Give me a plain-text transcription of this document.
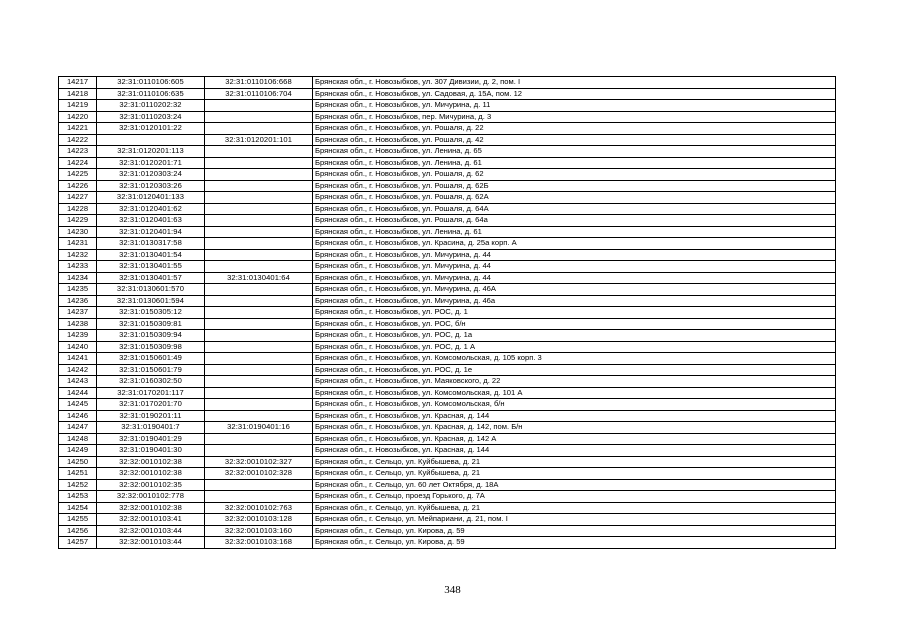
14217	32:31:0110106:605	32:31:0110106:668	Брянская обл., г. Новозыбков, ул. 307 Дивизии, д. 2, пом. I
14218	32:31:0110106:635	32:31:0110106:704	Брянская обл., г. Новозыбков, ул. Садовая, д. 15А, пом. 12
14219	32:31:0110202:32		Брянская обл., г. Новозыбков, ул. Мичурина, д. 11
14220	32:31:0110203:24		Брянская обл., г. Новозыбков, пер. Мичурина, д. 3
14221	32:31:0120101:22		Брянская обл., г. Новозыбков, ул. Рошаля, д. 22
14222		32:31:0120201:101	Брянская обл., г. Новозыбков, ул. Рошаля, д. 42
14223	32:31:0120201:113		Брянская обл., г. Новозыбков, ул. Ленина, д. 65
14224	32:31:0120201:71		Брянская обл., г. Новозыбков, ул. Ленина, д. 61
14225	32:31:0120303:24		Брянская обл., г. Новозыбков, ул. Рошаля, д. 62
14226	32:31:0120303:26		Брянская обл., г. Новозыбков, ул. Рошаля, д. 62Б
14227	32:31:0120401:133		Брянская обл., г. Новозыбков, ул. Рошаля, д. 62А
14228	32:31:0120401:62		Брянская обл., г. Новозыбков, ул. Рошаля, д. 64А
14229	32:31:0120401:63		Брянская обл., г. Новозыбков, ул. Рошаля, д. 64а
14230	32:31:0120401:94		Брянская обл., г. Новозыбков, ул. Ленина, д. 61
14231	32:31:0130317:58		Брянская обл., г. Новозыбков, ул. Красина, д. 25а корп. А
14232	32:31:0130401:54		Брянская обл., г. Новозыбков, ул. Мичурина, д. 44
14233	32:31:0130401:55		Брянская обл., г. Новозыбков, ул. Мичурина, д. 44
14234	32:31:0130401:57	32:31:0130401:64	Брянская обл., г. Новозыбков, ул. Мичурина, д. 44
14235	32:31:0130601:570		Брянская обл., г. Новозыбков, ул. Мичурина, д. 46А
14236	32:31:0130601:594		Брянская обл., г. Новозыбков, ул. Мичурина, д. 46а
14237	32:31:0150305:12		Брянская обл., г. Новозыбков, ул. РОС, д. 1
14238	32:31:0150309:81		Брянская обл., г. Новозыбков, ул. РОС, б/н
14239	32:31:0150309:94		Брянская обл., г. Новозыбков, ул. РОС, д. 1а
14240	32:31:0150309:98		Брянская обл., г. Новозыбков, ул. РОС, д. 1 А
14241	32:31:0150601:49		Брянская обл., г. Новозыбков, ул. Комсомольская, д. 105 корп. 3
14242	32:31:0150601:79		Брянская обл., г. Новозыбков, ул. РОС, д. 1е
14243	32:31:0160302:50		Брянская обл., г. Новозыбков, ул. Маяковского, д. 22
14244	32:31:0170201:117		Брянская обл., г. Новозыбков, ул. Комсомольская, д. 101 А
14245	32:31:0170201:70		Брянская обл., г. Новозыбков, ул. Комсомольская, б/н
14246	32:31:0190201:11		Брянская обл., г. Новозыбков, ул. Красная, д. 144
14247	32:31:0190401:7	32:31:0190401:16	Брянская обл., г. Новозыбков, ул. Красная, д. 142, пом. Б/н
14248	32:31:0190401:29		Брянская обл., г. Новозыбков, ул. Красная, д. 142 А
14249	32:31:0190401:30		Брянская обл., г. Новозыбков, ул. Красная, д. 144
14250	32:32:0010102:38	32:32:0010102:327	Брянская обл., г. Сельцо, ул. Куйбышева, д. 21
14251	32:32:0010102:38	32:32:0010102:328	Брянская обл., г. Сельцо, ул. Куйбышева, д. 21
14252	32:32:0010102:35		Брянская обл., г. Сельцо, ул. 60 лет Октября, д. 18А
14253	32:32:0010102:778		Брянская обл., г. Сельцо, проезд Горького, д. 7А
14254	32:32:0010102:38	32:32:0010102:763	Брянская обл., г. Сельцо, ул. Куйбышева, д. 21
14255	32:32:0010103:41	32:32:0010103:128	Брянская обл., г. Сельцо, ул. Мейпариани, д. 21, пом. I
14256	32:32:0010103:44	32:32:0010103:160	Брянская обл., г. Сельцо, ул. Кирова, д. 59
14257	32:32:0010103:44	32:32:0010103:168	Брянская обл., г. Сельцо, ул. Кирова, д. 59
348
